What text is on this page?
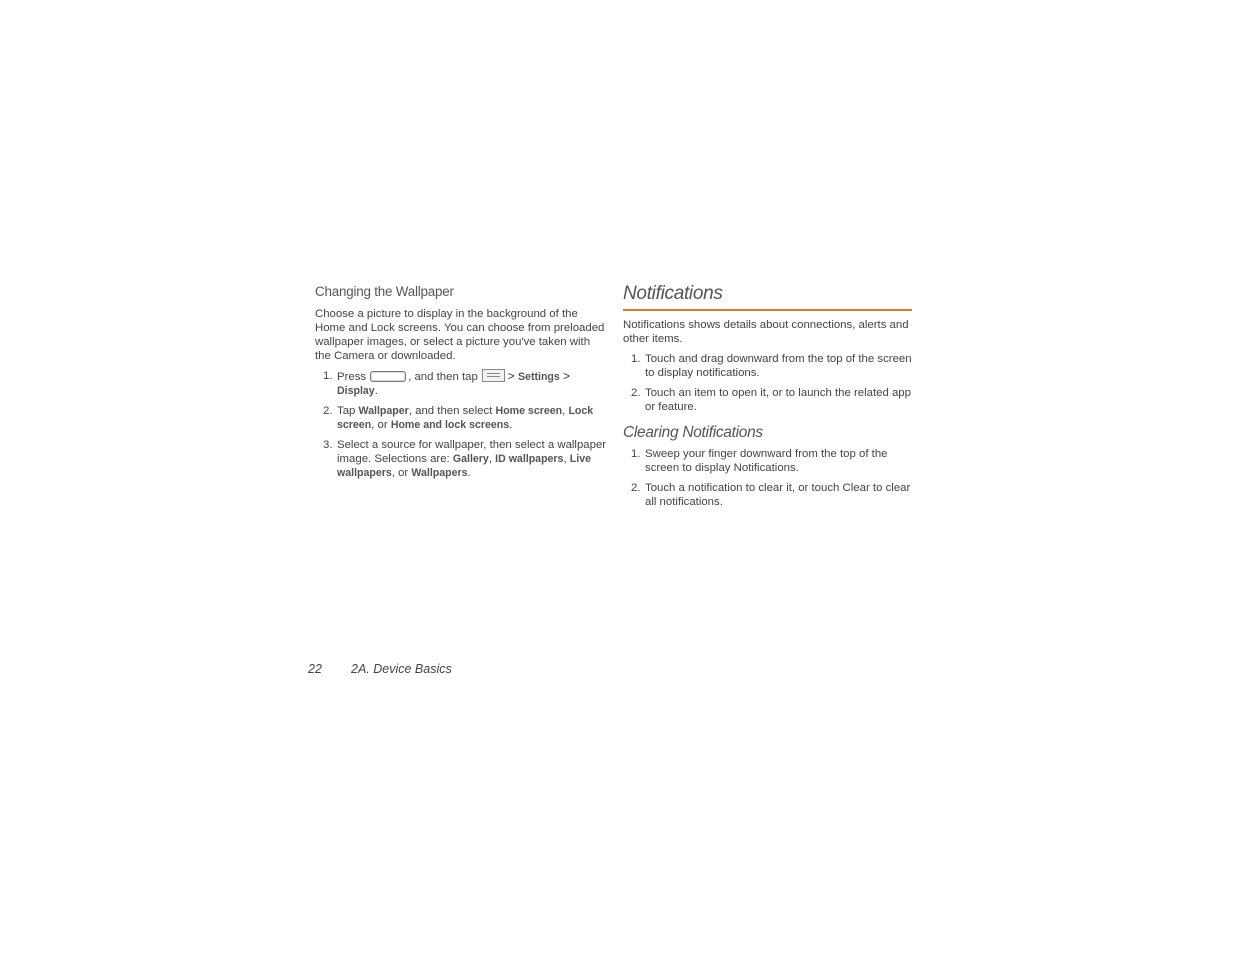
Changing the Wallpaper
Choose a picture to display in the background of the Home and Lock screens. You can choose from preloaded wallpaper images, or select a picture you've taken with the Camera or downloaded.
1. Press	, and then tap	> Settings > Display.
2. Tap Wallpaper, and then select Home screen, Lock screen, or Home and lock screens.
3. Select a source for wallpaper, then select a wallpaper image. Selections are: Gallery, ID wallpapers, Live wallpapers, or Wallpapers.
Notifications
Notifications shows details about connections, alerts and other items.
1. Touch and drag downward from the top of the screen to display notifications.
2. Touch an item to open it, or to launch the related app or feature.
Clearing Notifications
1. Sweep your finger downward from the top of the screen to display Notifications.
2. Touch a notification to clear it, or touch Clear to clear all notifications.
22 2A. Device Basics
